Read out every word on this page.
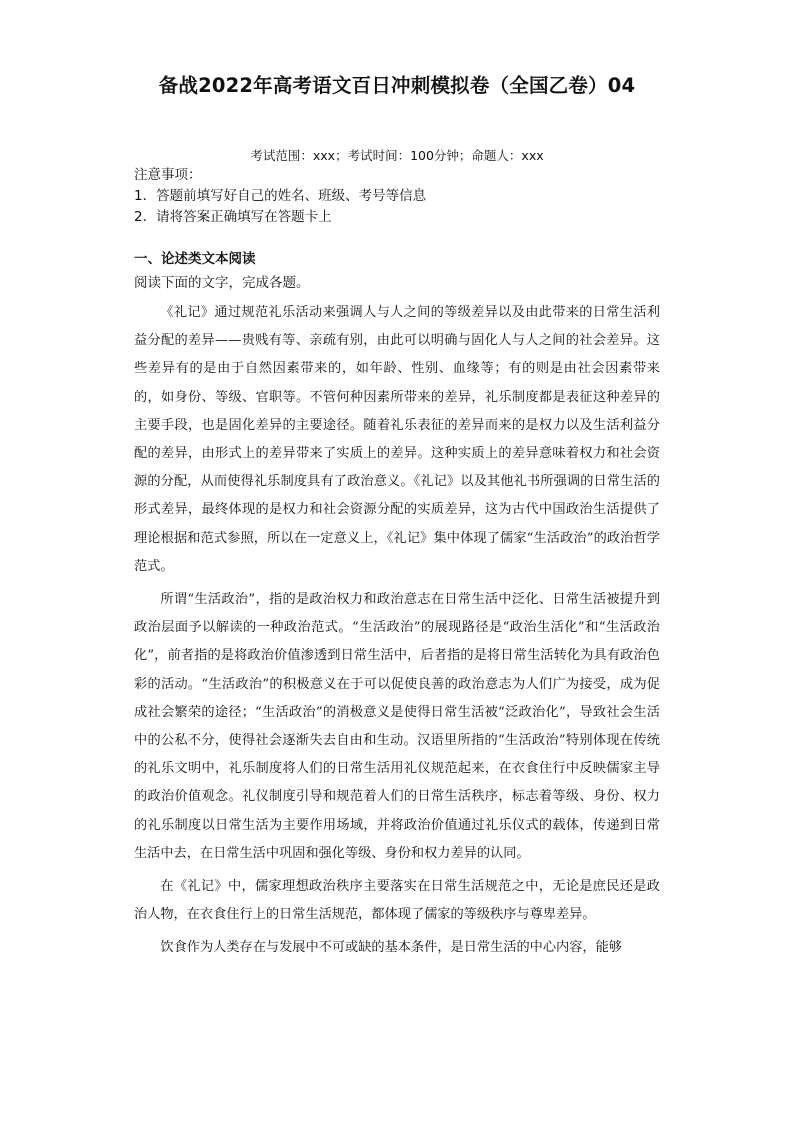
备战2022年高考语文百日冲刺模拟卷（全国乙卷）04
考试范围：xxx；考试时间：100分钟；命题人：xxx
注意事项：
1．答题前填写好自己的姓名、班级、考号等信息
2．请将答案正确填写在答题卡上
一、论述类文本阅读
阅读下面的文字，完成各题。

《礼记》通过规范礼乐活动来强调人与人之间的等级差异以及由此带来的日常生活利益分配的差异——贵贱有等、亲疏有别，由此可以明确与固化人与人之间的社会差异。这些差异有的是由于自然因素带来的，如年龄、性别、血缘等；有的则是由社会因素带来的，如身份、等级、官职等。不管何种因素所带来的差异，礼乐制度都是表征这种差异的主要手段，也是固化差异的主要途径。随着礼乐表征的差异而来的是权力以及生活利益分配的差异，由形式上的差异带来了实质上的差异。这种实质上的差异意味着权力和社会资源的分配，从而使得礼乐制度具有了政治意义。《礼记》以及其他礼书所强调的日常生活的形式差异，最终体现的是权力和社会资源分配的实质差异，这为古代中国政治生活提供了理论根据和范式参照，所以在一定意义上，《礼记》集中体现了儒家“生活政治”的政治哲学范式。

所谓“生活政治”，指的是政治权力和政治意志在日常生活中泛化、日常生活被提升到政治层面予以解读的一种政治范式。“生活政治”的展现路径是“政治生活化”和“生活政治化”，前者指的是将政治价值渗透到日常生活中，后者指的是将日常生活转化为具有政治色彩的活动。“生活政治”的积极意义在于可以促使良善的政治意志为人们广为接受，成为促成社会繁荣的途径；“生活政治”的消极意义是使得日常生活被“泛政治化”，导致社会生活中的公私不分，使得社会逐渐失去自由和生动。汉语里所指的“生活政治”特别体现在传统的礼乐文明中，礼乐制度将人们的日常生活用礼仪规范起来，在衣食住行中反映儒家主导的政治价值观念。礼仪制度引导和规范着人们的日常生活秩序，标志着等级、身份、权力的礼乐制度以日常生活为主要作用场域，并将政治价值通过礼乐仪式的载体，传递到日常生活中去，在日常生活中巩固和强化等级、身份和权力差异的认同。

在《礼记》中，儒家理想政治秩序主要落实在日常生活规范之中，无论是庶民还是政治人物，在衣食住行上的日常生活规范，都体现了儒家的等级秩序与尊卑差异。

饮食作为人类存在与发展中不可或缺的基本条件，是日常生活的中心内容，能够
